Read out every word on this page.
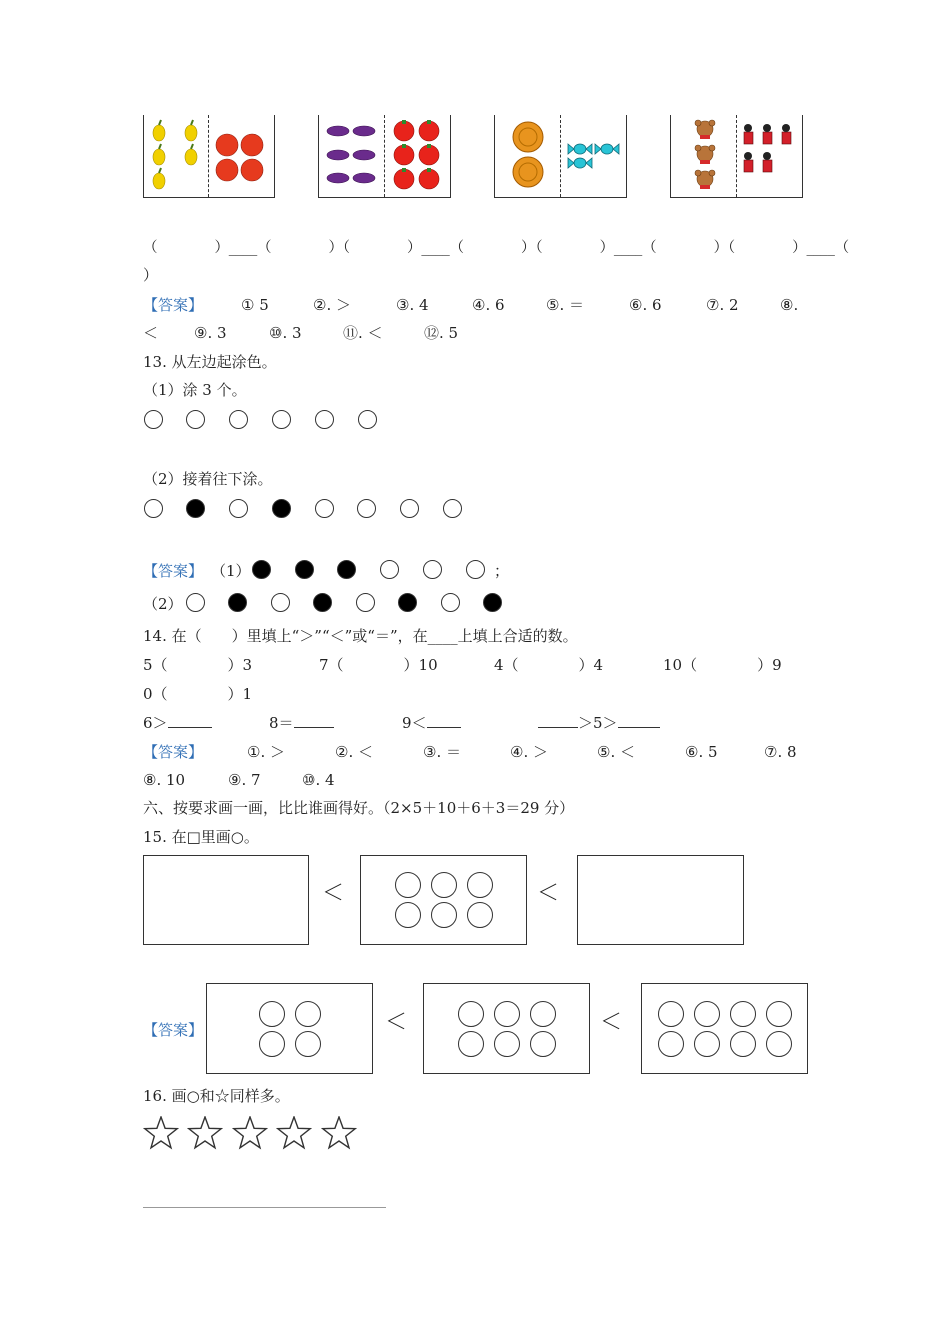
（　　　　）____（　　　　）（　　　　）____（　　　　）（　　　　）____（　　　　）（　　　　）____（
）
【答案】	① 5	②. ＞	③. 4	④. 6	⑤. ＝	⑥. 6	⑦. 2	⑧.
＜ ⑨. 3	⑩. 3	⑪. ＜	⑫. 5
13. 从左边起涂色。
（1）涂 3 个。
（2）接着往下涂。
【答案】 （1）	；
（2）
14. 在（　　）里填上“＞”“＜”或“＝”，在____上填上合适的数。
5（　　　　）3	7（　　　　）10	4（　　　　）4	10（　　　　）9
0（　　　　）1
6＞	8＝	9＜	＞5＞
【答案】	①. ＞	②. ＜	③. ＝	④. ＞	⑤. ＜	⑥. 5	⑦. 8
⑧. 10	⑨. 7	⑩. 4
六、按要求画一画，比比谁画得好。（2×5＋10＋6＋3＝29 分）
15. 在□里画○。
＜	＜
【答案】	＜	＜
16. 画○和☆同样多。
